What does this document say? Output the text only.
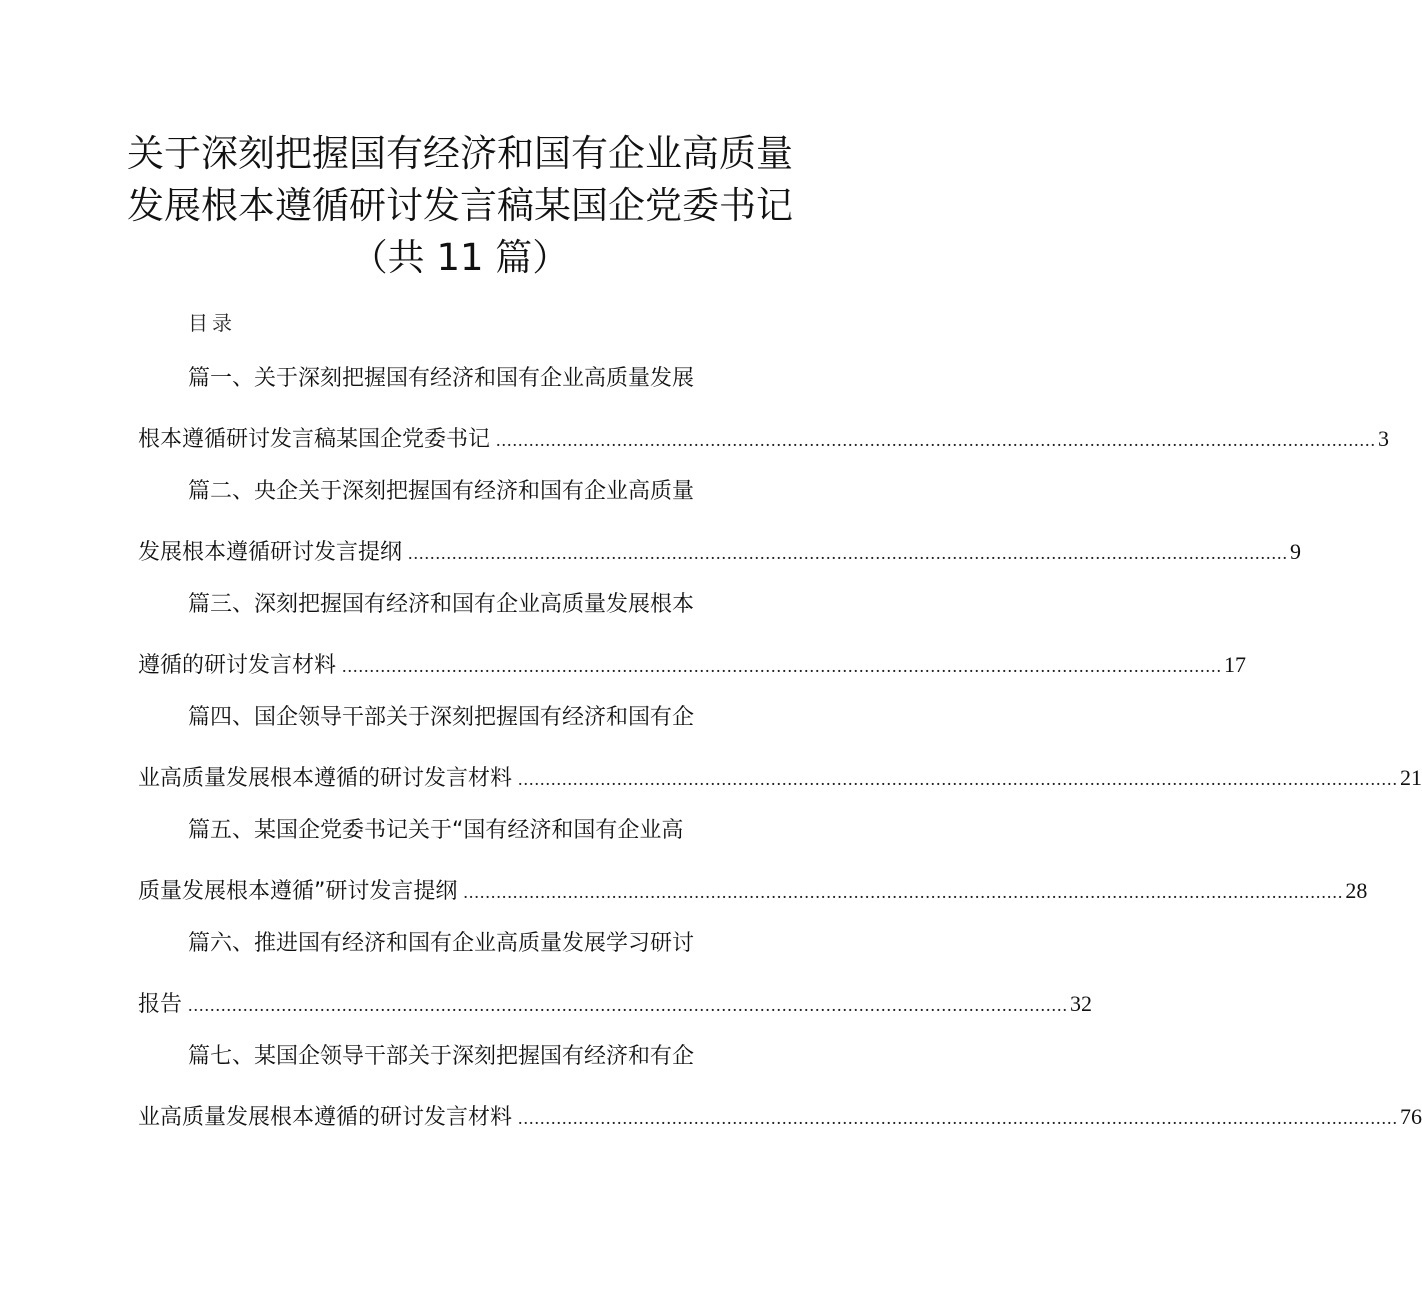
关于深刻把握国有经济和国有企业高质量
发展根本遵循研讨发言稿某国企党委书记
（共 11 篇）
目录
篇一、关于深刻把握国有经济和国有企业高质量发展
根本遵循研讨发言稿某国企党委书记 ................................................................................................................................................................ 3
篇二、央企关于深刻把握国有经济和国有企业高质量
发展根本遵循研讨发言提纲 ................................................................................................................................................................ 9
篇三、深刻把握国有经济和国有企业高质量发展根本
遵循的研讨发言材料 ................................................................................................................................................................ 17
篇四、国企领导干部关于深刻把握国有经济和国有企
业高质量发展根本遵循的研讨发言材料 ................................................................................................................................................................ 21
篇五、某国企党委书记关于“国有经济和国有企业高
质量发展根本遵循”研讨发言提纲 ................................................................................................................................................................ 28
篇六、推进国有经济和国有企业高质量发展学习研讨
报告 ................................................................................................................................................................ 32
篇七、某国企领导干部关于深刻把握国有经济和有企
业高质量发展根本遵循的研讨发言材料 ................................................................................................................................................................ 76
